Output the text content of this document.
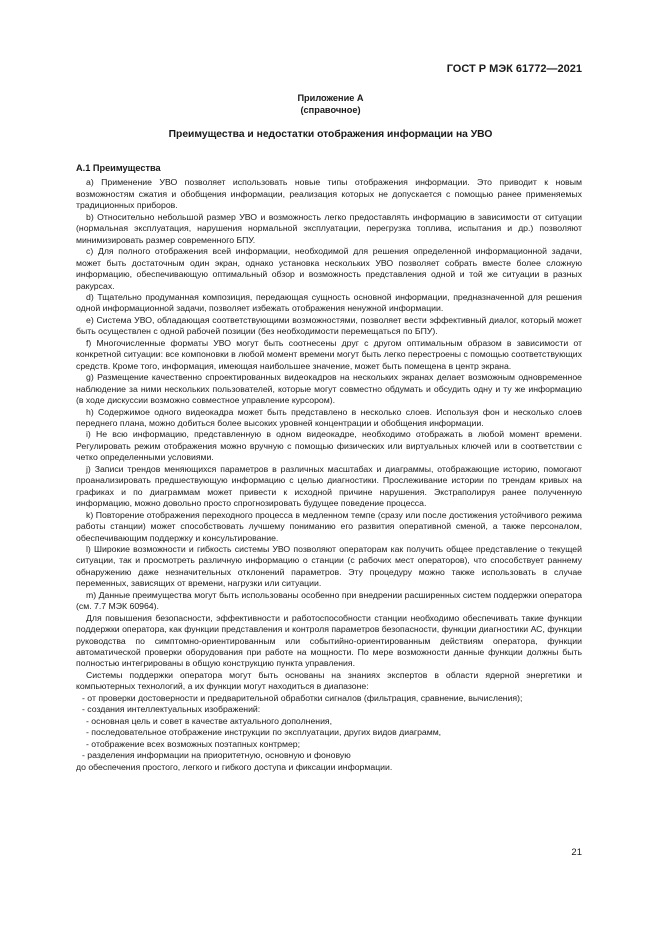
ГОСТ Р МЭК 61772—2021
Приложение А
(справочное)
Преимущества и недостатки отображения информации на УВО
А.1 Преимущества

а) Применение УВО позволяет использовать новые типы отображения информации. Это приводит к новым возможностям сжатия и обобщения информации, реализация которых не допускается с помощью ранее применяемых традиционных приборов.

b) Относительно небольшой размер УВО и возможность легко предоставлять информацию в зависимости от ситуации (нормальная эксплуатация, нарушения нормальной эксплуатации, перегрузка топлива, испытания и др.) позволяют минимизировать размер современного БПУ.

с) Для полного отображения всей информации, необходимой для решения определенной информационной задачи, может быть достаточным один экран, однако установка нескольких УВО позволяет собрать вместе более сложную информацию, обеспечивающую оптимальный обзор и возможность представления одной и той же ситуации в разных ракурсах.

d) Тщательно продуманная композиция, передающая сущность основной информации, предназначенной для решения одной информационной задачи, позволяет избежать отображения ненужной информации.

е) Система УВО, обладающая соответствующими возможностями, позволяет вести эффективный диалог, который может быть осуществлен с одной рабочей позиции (без необходимости перемещаться по БПУ).

f) Многочисленные форматы УВО могут быть соотнесены друг с другом оптимальным образом в зависимости от конкретной ситуации: все компоновки в любой момент времени могут быть легко перестроены с помощью соответствующих средств. Кроме того, информация, имеющая наибольшее значение, может быть помещена в центр экрана.

g) Размещение качественно спроектированных видеокадров на нескольких экранах делает возможным одновременное наблюдение за ними нескольких пользователей, которые могут совместно обдумать и обсудить одну и ту же информацию (в ходе дискуссии возможно совместное управление курсором).

h) Содержимое одного видеокадра может быть представлено в несколько слоев. Используя фон и несколько слоев переднего плана, можно добиться более высоких уровней концентрации и обобщения информации.

i) Не всю информацию, представленную в одном видеокадре, необходимо отображать в любой момент времени. Регулировать режим отображения можно вручную с помощью физических или виртуальных ключей или в соответствии с четко определенными условиями.

j) Записи трендов меняющихся параметров в различных масштабах и диаграммы, отображающие историю, помогают проанализировать предшествующую информацию с целью диагностики. Прослеживание истории по трендам кривых на графиках и по диаграммам может привести к исходной причине нарушения. Экстраполируя ранее полученную информацию, можно довольно просто спрогнозировать будущее поведение процесса.

k) Повторение отображения переходного процесса в медленном темпе (сразу или после достижения устойчивого режима работы станции) может способствовать лучшему пониманию его развития оперативной сменой, а также персоналом, обеспечивающим поддержку и консультирование.

l) Широкие возможности и гибкость системы УВО позволяют операторам как получить общее представление о текущей ситуации, так и просмотреть различную информацию о станции (с рабочих мест операторов), что способствует раннему обнаружению даже незначительных отклонений параметров. Эту процедуру можно также использовать в случае переменных, зависящих от времени, нагрузки или ситуации.

m) Данные преимущества могут быть использованы особенно при внедрении расширенных систем поддержки оператора (см. 7.7 МЭК 60964).

Для повышения безопасности, эффективности и работоспособности станции необходимо обеспечивать такие функции поддержки оператора, как функции представления и контроля параметров безопасности, функции диагностики АС, функции руководства по симптомно-ориентированным или событийно-ориентированным действиям оператора, функции автоматической проверки оборудования при работе на мощности. По мере возможности данные функции должны быть полностью интегрированы в общую конструкцию пункта управления.

Системы поддержки оператора могут быть основаны на знаниях экспертов в области ядерной энергетики и компьютерных технологий, а их функции могут находиться в диапазоне:

- от проверки достоверности и предварительной обработки сигналов (фильтрация, сравнение, вычисления);

- создания интеллектуальных изображений:

- основная цель и совет в качестве актуального дополнения,

- последовательное отображение инструкции по эксплуатации, других видов диаграмм,

- отображение всех возможных поэтапных контрмер;

- разделения информации на приоритетную, основную и фоновую

до обеспечения простого, легкого и гибкого доступа и фиксации информации.

21
